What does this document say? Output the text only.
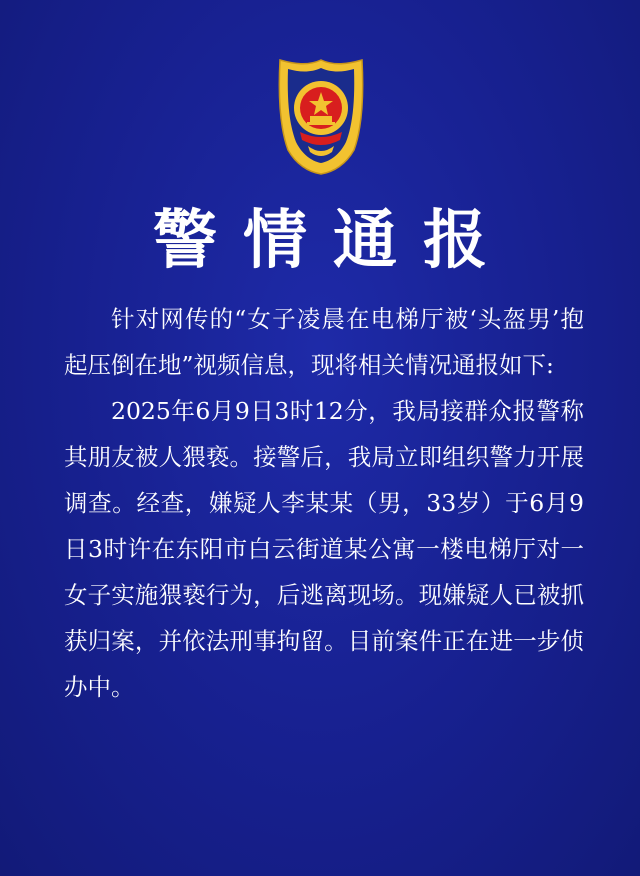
警情通报

针对网传的“女子凌晨在电梯厅被‘头盔男’抱起压倒在地”视频信息，现将相关情况通报如下:

2025年6月9日3时12分，我局接群众报警称其朋友被人猥亵。接警后，我局立即组织警力开展调查。经查，嫌疑人李某某（男，33岁）于6月9日3时许在东阳市白云街道某公寓一楼电梯厅对一女子实施猥亵行为，后逃离现场。现嫌疑人已被抓获归案，并依法刑事拘留。目前案件正在进一步侦办中。
